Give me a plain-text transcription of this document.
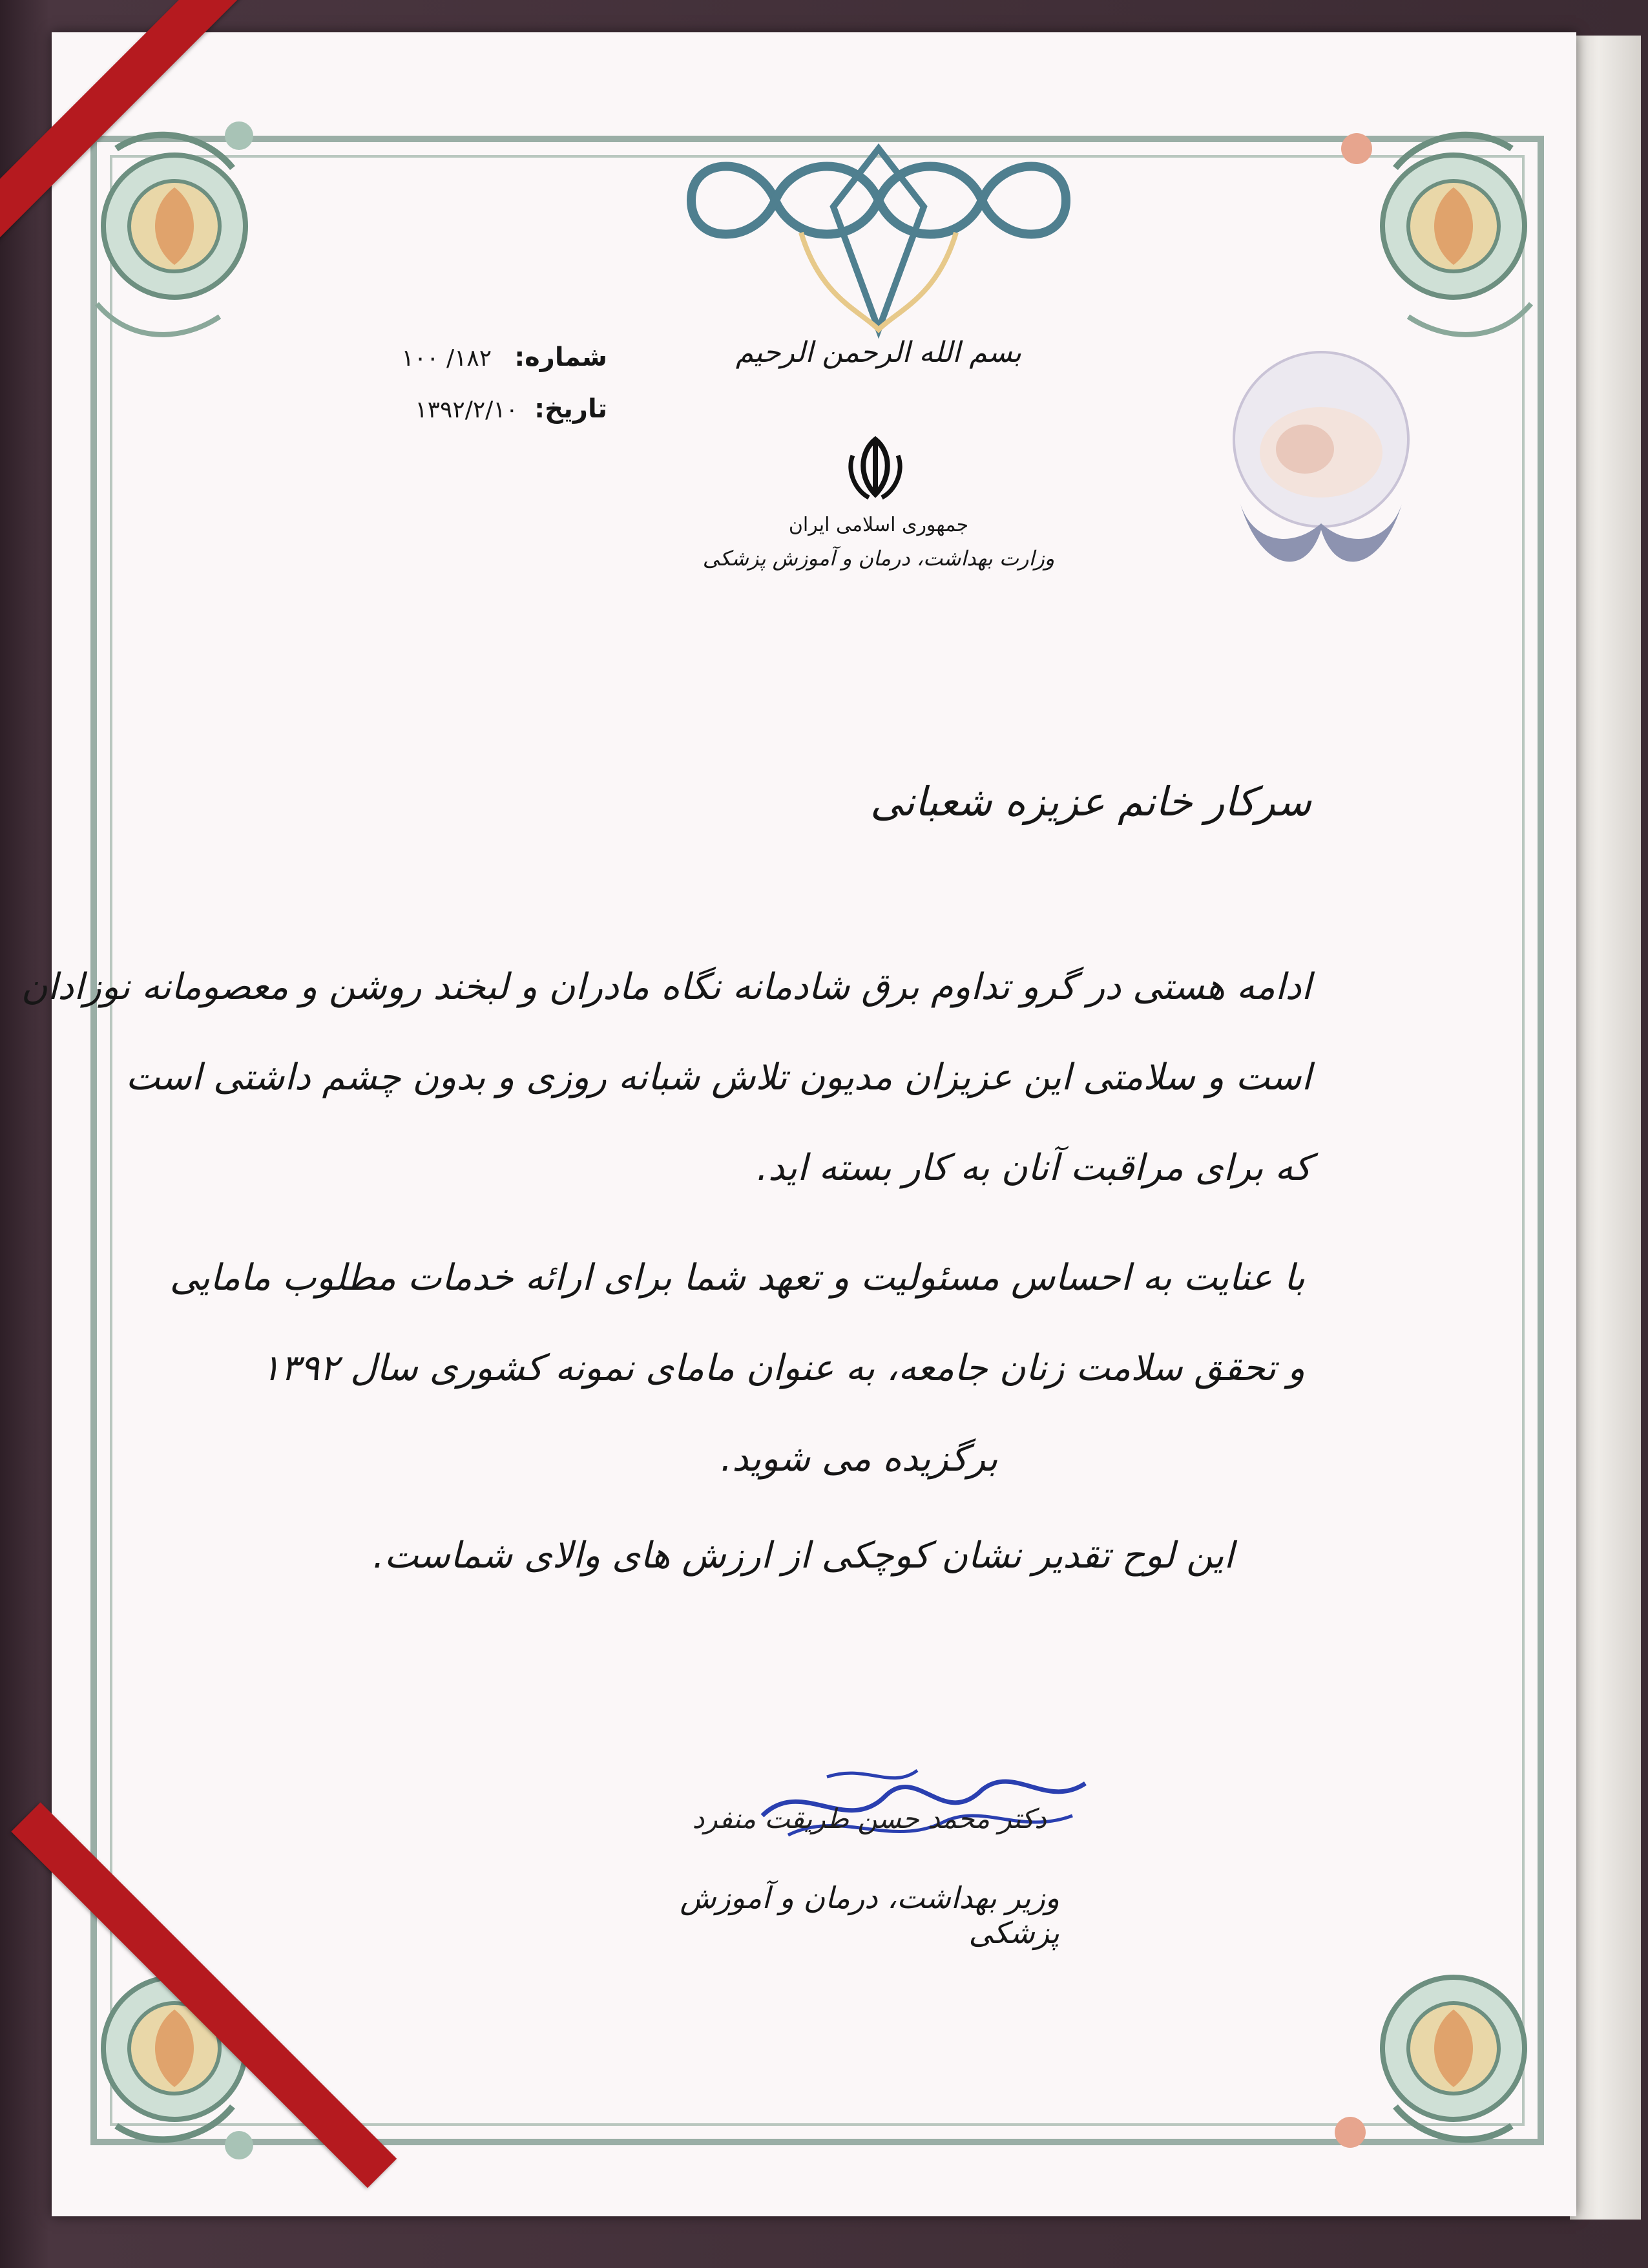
بسم الله الرحمن الرحیم
جمهوری اسلامی ایران
وزارت بهداشت، درمان و آموزش پزشکی
شماره: ۱۸۲/ ۱۰۰
تاریخ: ۱۳۹۲/۲/۱۰
سرکار خانم عزیزه شعبانی
ادامه هستی در گرو تداوم برق شادمانه نگاه مادران و لبخند روشن و معصومانه نوزادان
است و سلامتی این عزیزان مدیون تلاش شبانه روزی و بدون چشم داشتی است
که برای مراقبت آنان به کار بسته اید.
با عنایت به احساس مسئولیت و تعهد شما برای ارائه خدمات مطلوب مامایی
و تحقق سلامت زنان جامعه، به عنوان مامای نمونه کشوری سال ۱۳۹۲
برگزیده می شوید.
این لوح تقدیر نشان کوچکی از ارزش های والای شماست.
دکتر محمد حسن طریقت منفرد
وزیر بهداشت، درمان و آموزش پزشکی
